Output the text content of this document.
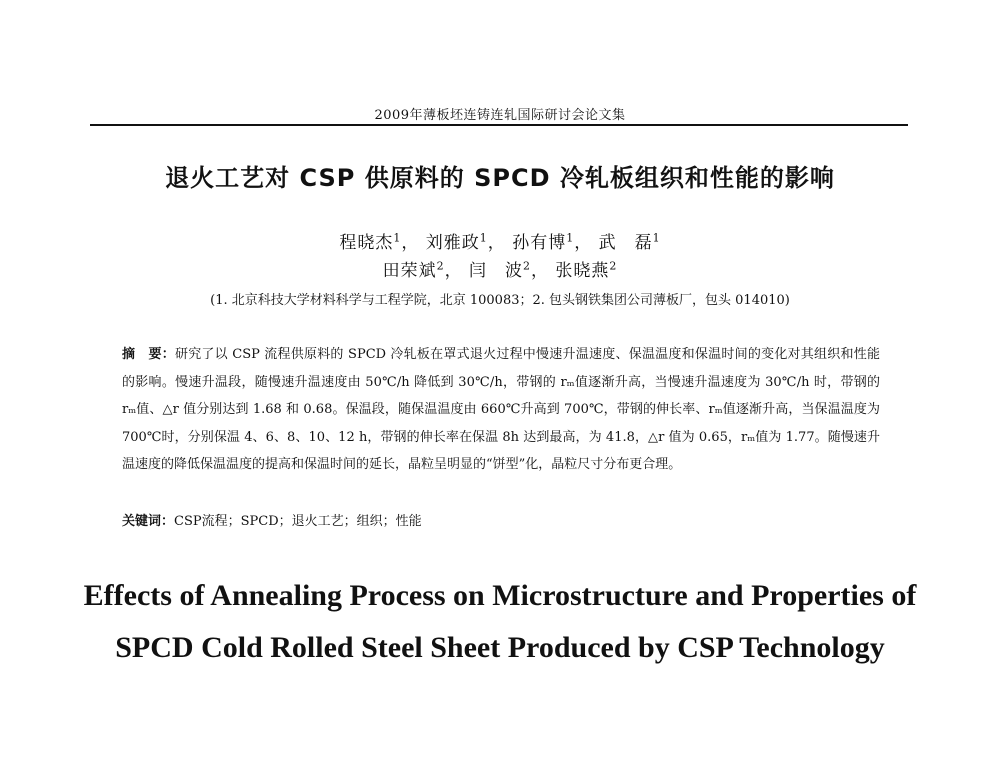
2009年薄板坯连铸连轧国际研讨会论文集
退火工艺对 CSP 供原料的 SPCD 冷轧板组织和性能的影响
程晓杰$^1$， 刘雅政$^1$， 孙有博$^1$， 武　磊$^1$
田荣斌$^2$， 闫　波$^2$， 张晓燕$^2$
(1. 北京科技大学材料科学与工程学院，北京 100083；2. 包头钢铁集团公司薄板厂，包头 014010)
摘　要：研究了以 CSP 流程供原料的 SPCD 冷轧板在罩式退火过程中慢速升温速度、保温温度和保温时间的变化对其组织和性能的影响。慢速升温段，随慢速升温速度由 50℃/h 降低到 30℃/h，带钢的 rₘ值逐渐升高，当慢速升温速度为 30℃/h 时，带钢的 rₘ值、△r 值分别达到 1.68 和 0.68。保温段，随保温温度由 660℃升高到 700℃，带钢的伸长率、rₘ值逐渐升高，当保温温度为 700℃时，分别保温 4、6、8、10、12 h，带钢的伸长率在保温 8h 达到最高，为 41.8，△r 值为 0.65，rₘ值为 1.77。随慢速升温速度的降低保温温度的提高和保温时间的延长，晶粒呈明显的“饼型”化，晶粒尺寸分布更合理。
关键词：CSP流程；SPCD；退火工艺；组织；性能
Effects of Annealing Process on Microstructure and Properties of SPCD Cold Rolled Steel Sheet Produced by CSP Technology
